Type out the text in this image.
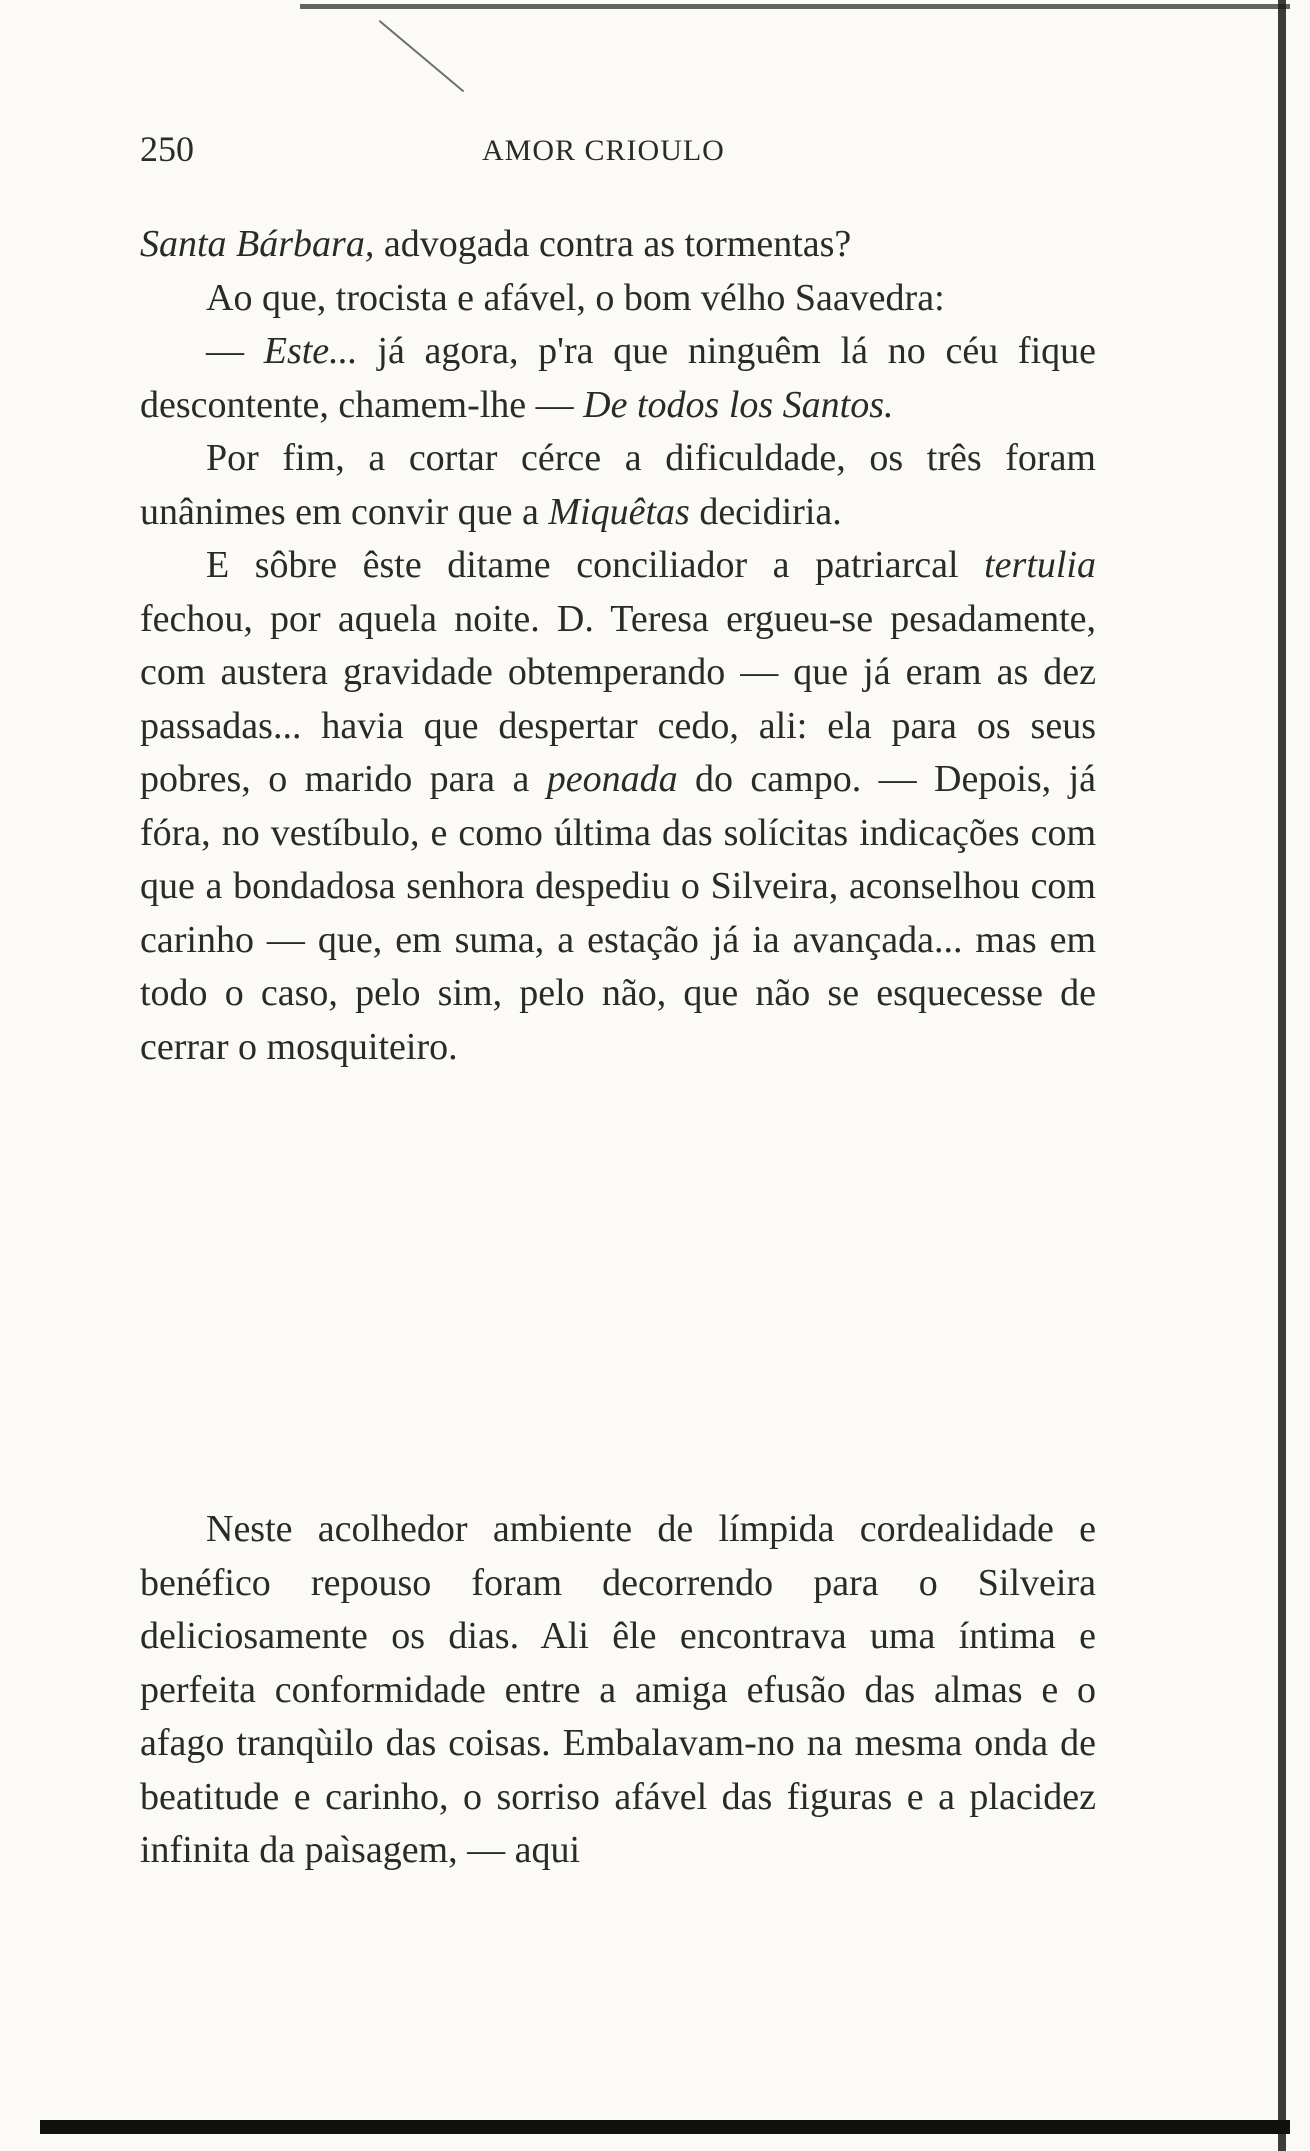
250	AMOR CRIOULO

Santa Bárbara, advogada contra as tormentas?

Ao que, trocista e afável, o bom vélho Saavedra:

— Este... já agora, p'ra que ninguêm lá no céu fique descontente, chamem-lhe — De todos los Santos.

Por fim, a cortar cérce a dificuldade, os três foram unânimes em convir que a Miquêtas decidiria.

E sôbre êste ditame conciliador a patriarcal tertulia fechou, por aquela noite. D. Teresa ergueu-se pesadamente, com austera gravidade obtemperando — que já eram as dez passadas... havia que despertar cedo, ali: ela para os seus pobres, o marido para a peonada do campo. — Depois, já fóra, no vestíbulo, e como última das solícitas indicações com que a bondadosa senhora despediu o Silveira, aconselhou com carinho — que, em suma, a estação já ia avançada... mas em todo o caso, pelo sim, pelo não, que não se esquecesse de cerrar o mosquiteiro.

Neste acolhedor ambiente de límpida cordealidade e benéfico repouso foram decorrendo para o Silveira deliciosamente os dias. Ali êle encontrava uma íntima e perfeita conformidade entre a amiga efusão das almas e o afago tranqùilo das coisas. Embalavam-no na mesma onda de beatitude e carinho, o sorriso afável das figuras e a placidez infinita da paìsagem, — aqui
